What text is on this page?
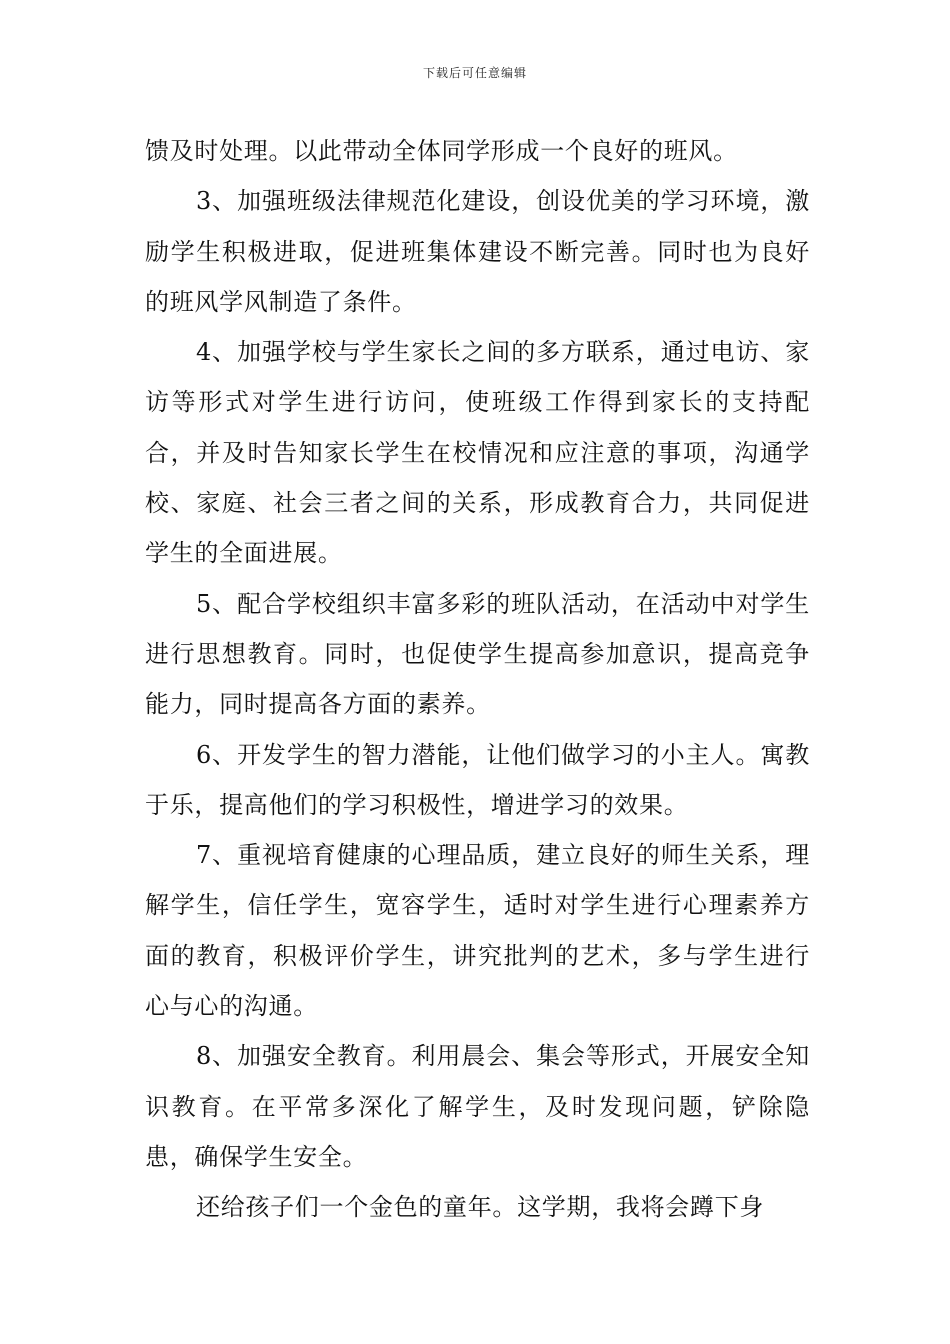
下载后可任意编辑

馈及时处理。以此带动全体同学形成一个良好的班风。

3、加强班级法律规范化建设，创设优美的学习环境，激励学生积极进取，促进班集体建设不断完善。同时也为良好的班风学风制造了条件。

4、加强学校与学生家长之间的多方联系，通过电访、家访等形式对学生进行访问，使班级工作得到家长的支持配合，并及时告知家长学生在校情况和应注意的事项，沟通学校、家庭、社会三者之间的关系，形成教育合力，共同促进学生的全面进展。

5、配合学校组织丰富多彩的班队活动，在活动中对学生进行思想教育。同时，也促使学生提高参加意识，提高竞争能力，同时提高各方面的素养。

6、开发学生的智力潜能，让他们做学习的小主人。寓教于乐，提高他们的学习积极性，增进学习的效果。

7、重视培育健康的心理品质，建立良好的师生关系，理解学生，信任学生，宽容学生，适时对学生进行心理素养方面的教育，积极评价学生，讲究批判的艺术，多与学生进行心与心的沟通。

8、加强安全教育。利用晨会、集会等形式，开展安全知识教育。在平常多深化了解学生，及时发现问题，铲除隐患，确保学生安全。

还给孩子们一个金色的童年。这学期，我将会蹲下身
